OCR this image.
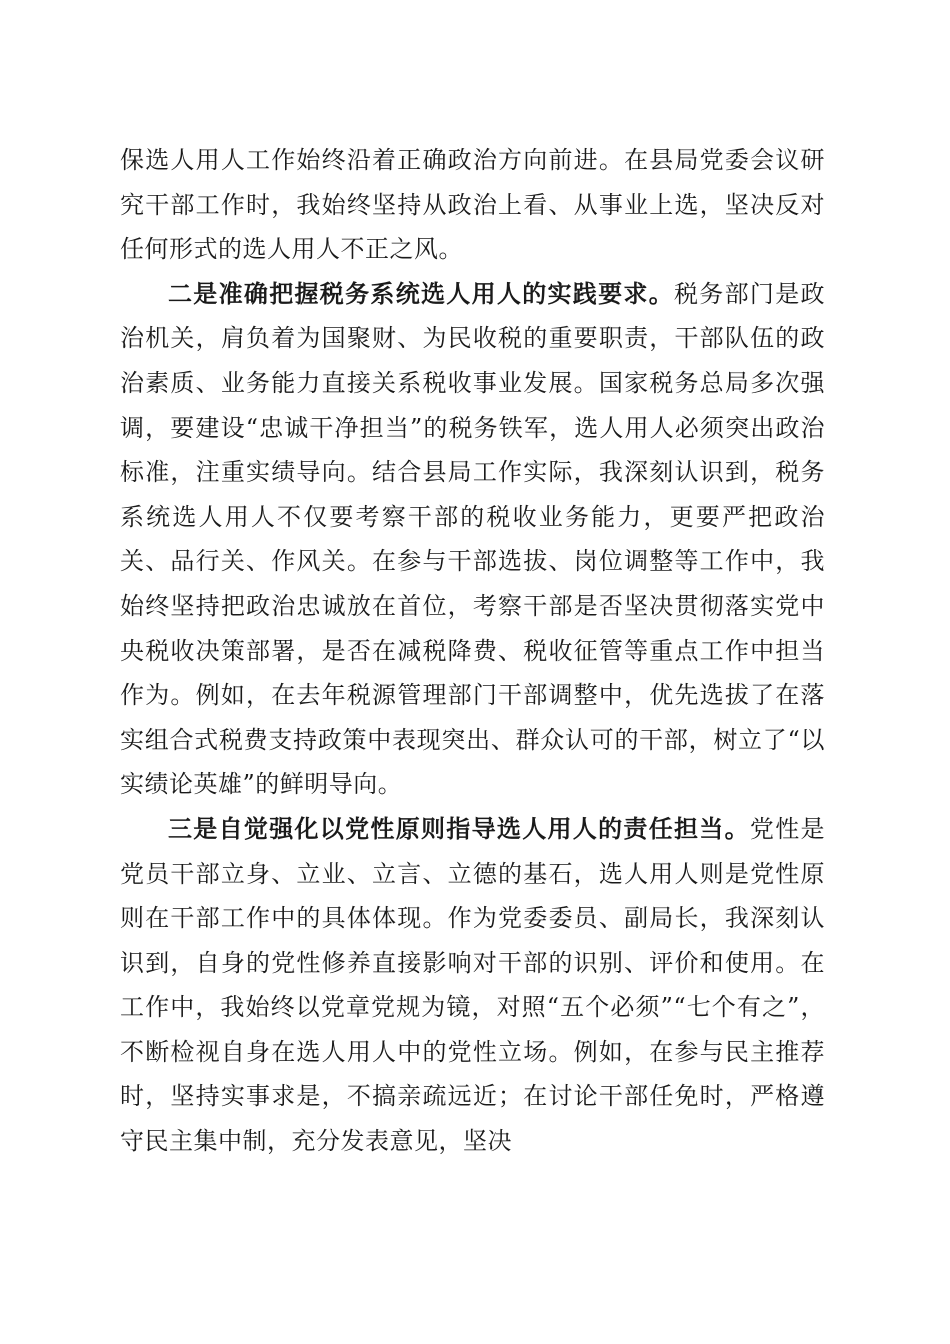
保选人用人工作始终沿着正确政治方向前进。在县局党委会议研究干部工作时，我始终坚持从政治上看、从事业上选，坚决反对任何形式的选人用人不正之风。

二是准确把握税务系统选人用人的实践要求。税务部门是政治机关，肩负着为国聚财、为民收税的重要职责，干部队伍的政治素质、业务能力直接关系税收事业发展。国家税务总局多次强调，要建设“忠诚干净担当”的税务铁军，选人用人必须突出政治标准，注重实绩导向。结合县局工作实际，我深刻认识到，税务系统选人用人不仅要考察干部的税收业务能力，更要严把政治关、品行关、作风关。在参与干部选拔、岗位调整等工作中，我始终坚持把政治忠诚放在首位，考察干部是否坚决贯彻落实党中央税收决策部署，是否在减税降费、税收征管等重点工作中担当作为。例如，在去年税源管理部门干部调整中，优先选拔了在落实组合式税费支持政策中表现突出、群众认可的干部，树立了“以实绩论英雄”的鲜明导向。

三是自觉强化以党性原则指导选人用人的责任担当。党性是党员干部立身、立业、立言、立德的基石，选人用人则是党性原则在干部工作中的具体体现。作为党委委员、副局长，我深刻认识到，自身的党性修养直接影响对干部的识别、评价和使用。在工作中，我始终以党章党规为镜，对照“五个必须”“七个有之”，不断检视自身在选人用人中的党性立场。例如，在参与民主推荐时，坚持实事求是，不搞亲疏远近；在讨论干部任免时，严格遵守民主集中制，充分发表意见，坚决
